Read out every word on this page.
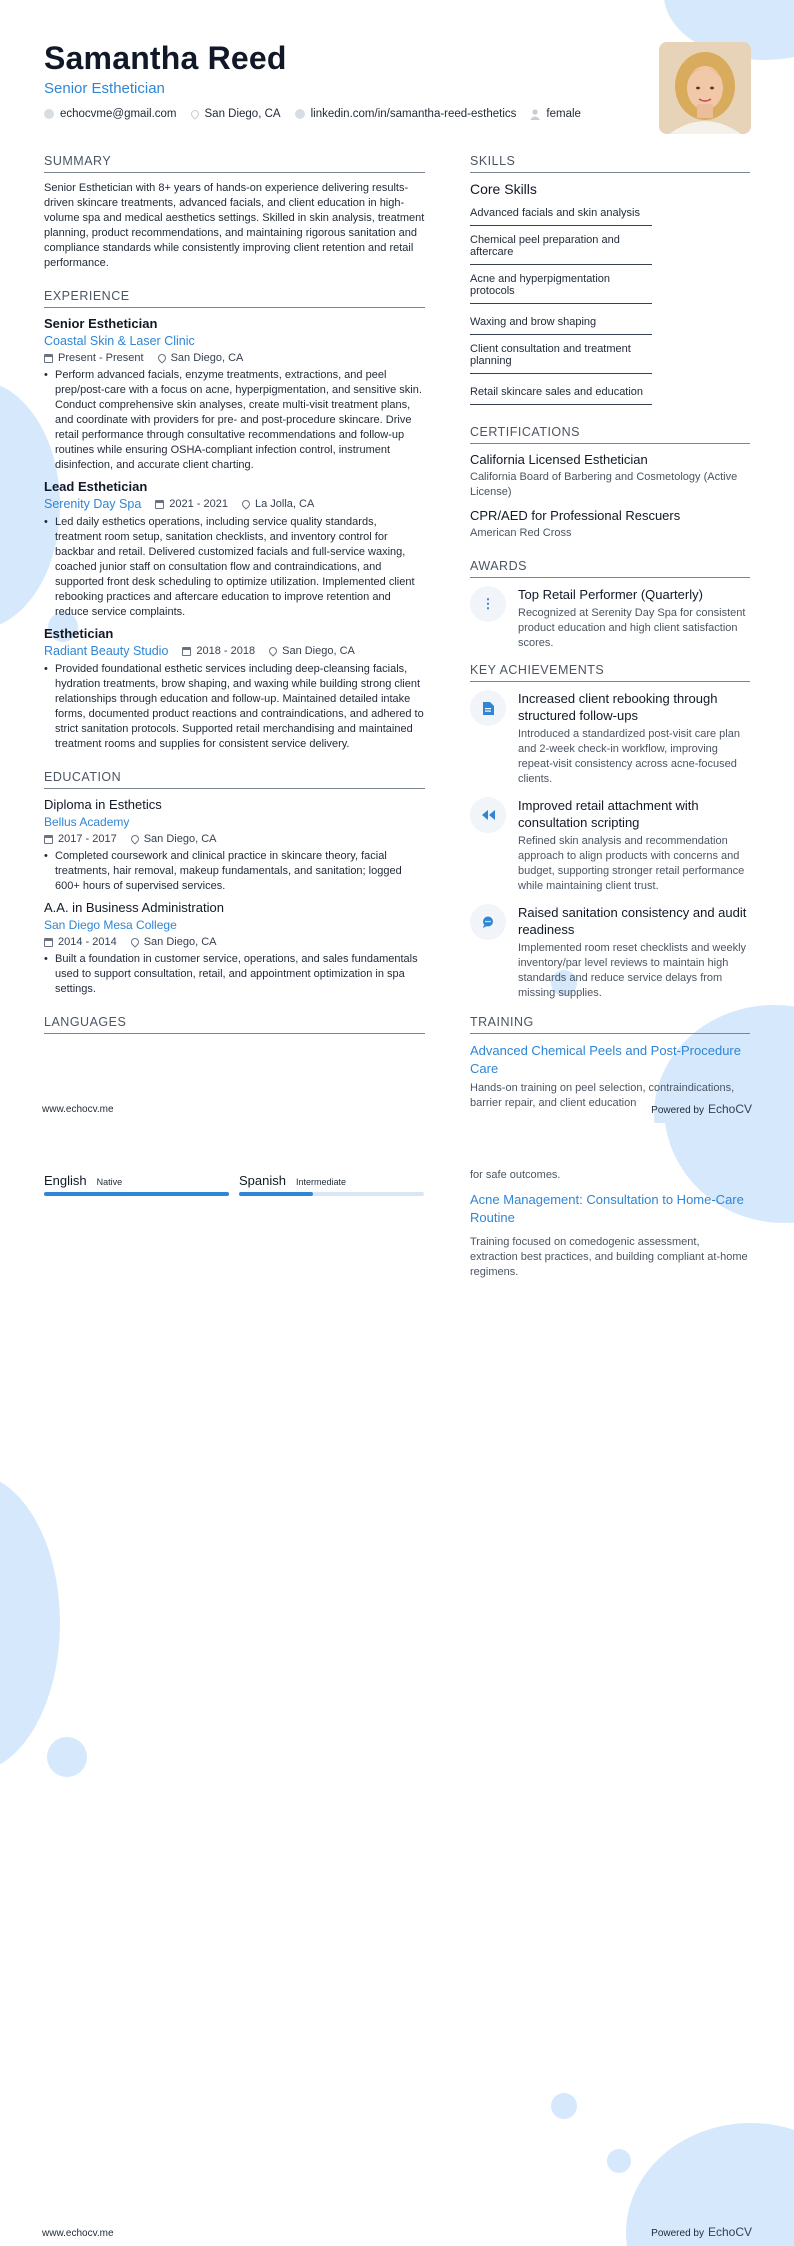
Samantha Reed
Senior Esthetician
echocvme@gmail.com San Diego, CA	linkedin.com/in/samantha-reed-esthetics	female
SUMMARY
Senior Esthetician with 8+ years of hands-on experience delivering results-driven skincare treatments, advanced facials, and client education in high-volume spa and medical aesthetics settings. Skilled in skin analysis, treatment planning, product recommendations, and maintaining rigorous sanitation and compliance standards while consistently improving client retention and retail performance.
EXPERIENCE
Senior Esthetician
Coastal Skin & Laser Clinic
Present - Present San Diego, CA
• Perform advanced facials, enzyme treatments, extractions, and peel prep/post-care with a focus on acne, hyperpigmentation, and sensitive skin. Conduct comprehensive skin analyses, create multi-visit treatment plans, and coordinate with providers for pre- and post-procedure skincare. Drive retail performance through consultative recommendations and follow-up routines while ensuring OSHA-compliant infection control, instrument disinfection, and accurate client charting.
Lead Esthetician
Serenity Day Spa	2021 - 2021 La Jolla, CA
• Led daily esthetics operations, including service quality standards, treatment room setup, sanitation checklists, and inventory control for backbar and retail. Delivered customized facials and full-service waxing, coached junior staff on consultation flow and contraindications, and supported front desk scheduling to optimize utilization. Implemented client rebooking practices and aftercare education to improve retention and reduce service complaints.
Esthetician
Radiant Beauty Studio	2018 - 2018 San Diego, CA
• Provided foundational esthetic services including deep-cleansing facials, hydration treatments, brow shaping, and waxing while building strong client relationships through education and follow-up. Maintained detailed intake forms, documented product reactions and contraindications, and adhered to strict sanitation protocols. Supported retail merchandising and maintained treatment rooms and supplies for consistent service delivery.
EDUCATION
Diploma in Esthetics
Bellus Academy
2017 - 2017 San Diego, CA
• Completed coursework and clinical practice in skincare theory, facial treatments, hair removal, makeup fundamentals, and sanitation; logged 600+ hours of supervised services.
A.A. in Business Administration
San Diego Mesa College
2014 - 2014 San Diego, CA
• Built a foundation in customer service, operations, and sales fundamentals used to support consultation, retail, and appointment optimization in spa settings.
LANGUAGES
SKILLS
Core Skills
Advanced facials and skin analysis Chemical peel preparation and aftercare Acne and hyperpigmentation protocols Waxing and brow shaping Client consultation and treatment planning Retail skincare sales and education
CERTIFICATIONS
California Licensed Esthetician
California Board of Barbering and Cosmetology (Active License)
CPR/AED for Professional Rescuers
American Red Cross
AWARDS
⋮
Top Retail Performer (Quarterly)
Recognized at Serenity Day Spa for consistent product education and high client satisfaction scores.
KEY ACHIEVEMENTS
Increased client rebooking through structured follow-ups
Introduced a standardized post-visit care plan and 2-week check-in workflow, improving repeat-visit consistency across acne-focused clients.
Improved retail attachment with consultation scripting
Refined skin analysis and recommendation approach to align products with concerns and budget, supporting stronger retail performance while maintaining client trust.
Raised sanitation consistency and audit readiness
Implemented room reset checklists and weekly inventory/par level reviews to maintain high standards and reduce service delays from missing supplies.
TRAINING
Advanced Chemical Peels and Post-Procedure Care
Hands-on training on peel selection, contraindications, barrier repair, and client education
www.echocv.me	Powered by EchoCV
English Native	Spanish Intermediate
for safe outcomes.
Acne Management: Consultation to Home-Care Routine
Training focused on comedogenic assessment, extraction best practices, and building compliant at-home regimens.
www.echocv.me	Powered by EchoCV
